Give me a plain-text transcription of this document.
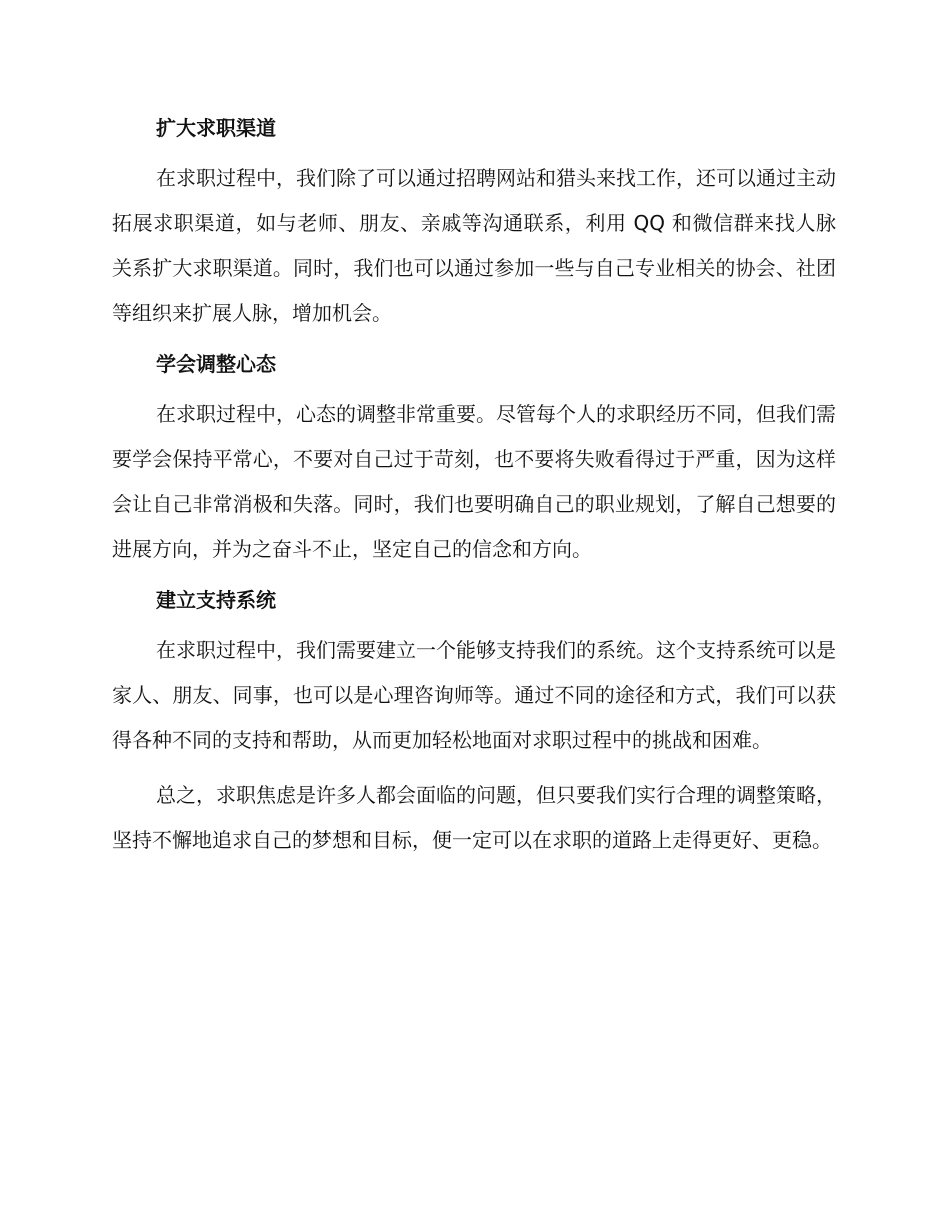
扩大求职渠道

在求职过程中，我们除了可以通过招聘网站和猎头来找工作，还可以通过主动拓展求职渠道，如与老师、朋友、亲戚等沟通联系，利用 QQ 和微信群来找人脉关系扩大求职渠道。同时，我们也可以通过参加一些与自己专业相关的协会、社团等组织来扩展人脉，增加机会。

学会调整心态

在求职过程中，心态的调整非常重要。尽管每个人的求职经历不同，但我们需要学会保持平常心，不要对自己过于苛刻，也不要将失败看得过于严重，因为这样会让自己非常消极和失落。同时，我们也要明确自己的职业规划，了解自己想要的进展方向，并为之奋斗不止，坚定自己的信念和方向。

建立支持系统

在求职过程中，我们需要建立一个能够支持我们的系统。这个支持系统可以是家人、朋友、同事，也可以是心理咨询师等。通过不同的途径和方式，我们可以获得各种不同的支持和帮助，从而更加轻松地面对求职过程中的挑战和困难。

总之，求职焦虑是许多人都会面临的问题，但只要我们实行合理的调整策略，坚持不懈地追求自己的梦想和目标，便一定可以在求职的道路上走得更好、更稳。
